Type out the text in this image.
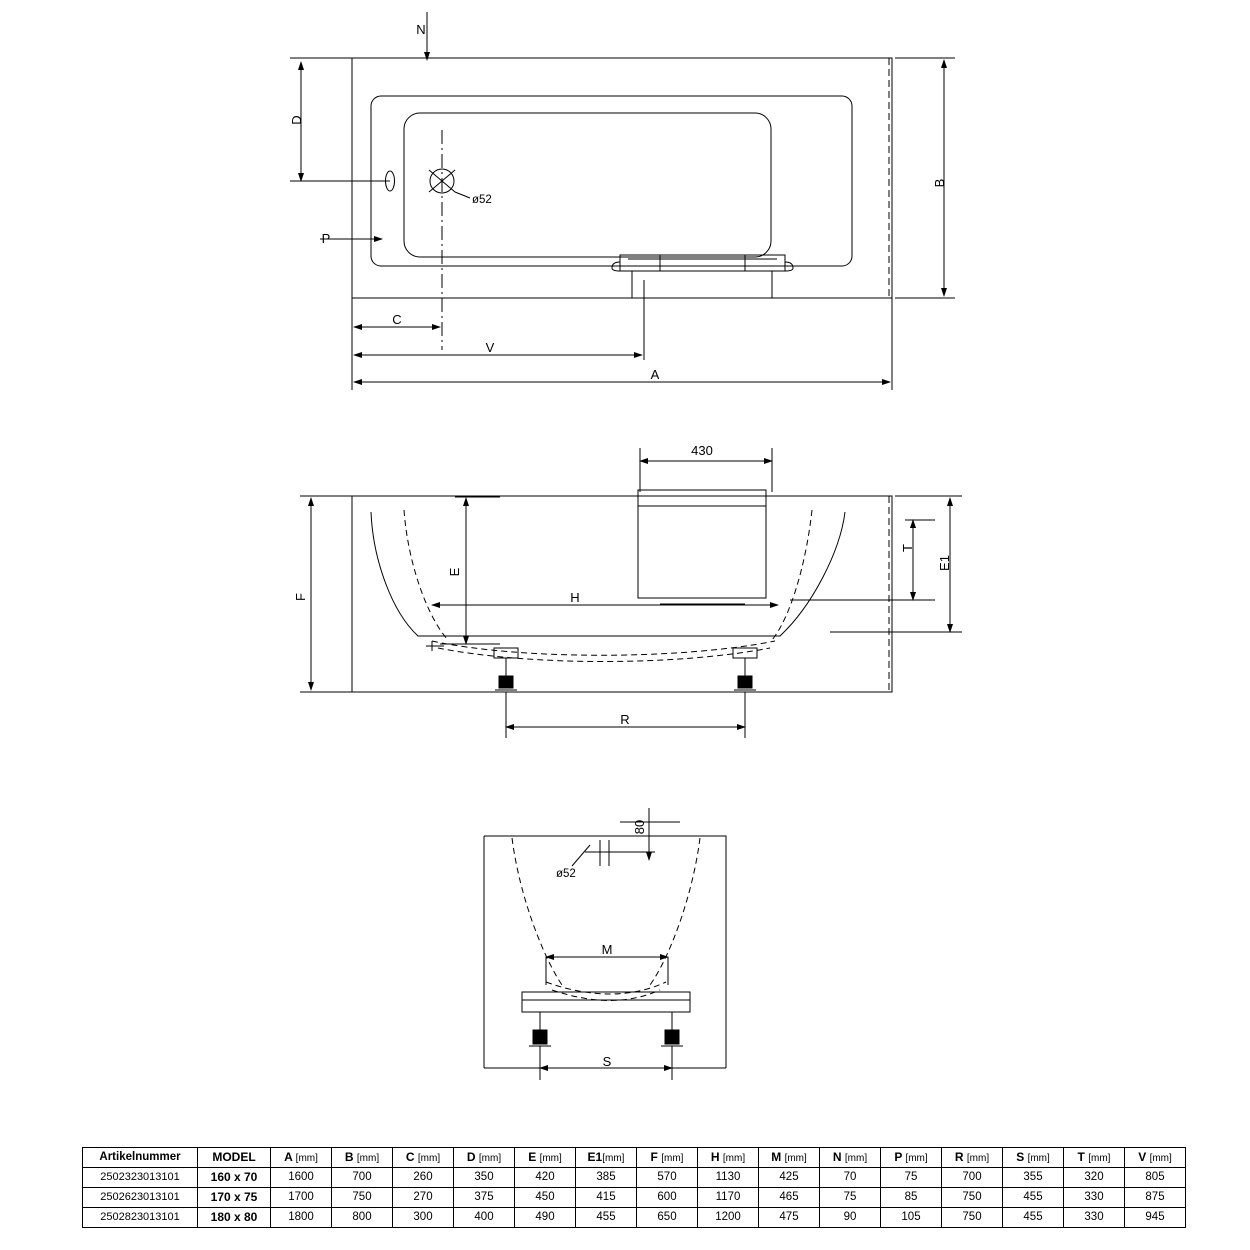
N
D
B
P
C
V
A
ø52
430
F
E
E1
T
H
R
80
ø52
M
S
Artikelnummer	MODEL	A [mm]	B [mm]	C [mm]	D [mm]	E [mm]	E1[mm]	F [mm]	H [mm]	M [mm]	N [mm]	P [mm]	R [mm]	S [mm]	T [mm]	V [mm]
2502323013101	160 x 70	1600	700	260	350	420	385	570	1130	425	70	75	700	355	320	805
2502623013101	170 x 75	1700	750	270	375	450	415	600	1170	465	75	85	750	455	330	875
2502823013101	180 x 80	1800	800	300	400	490	455	650	1200	475	90	105	750	455	330	945
